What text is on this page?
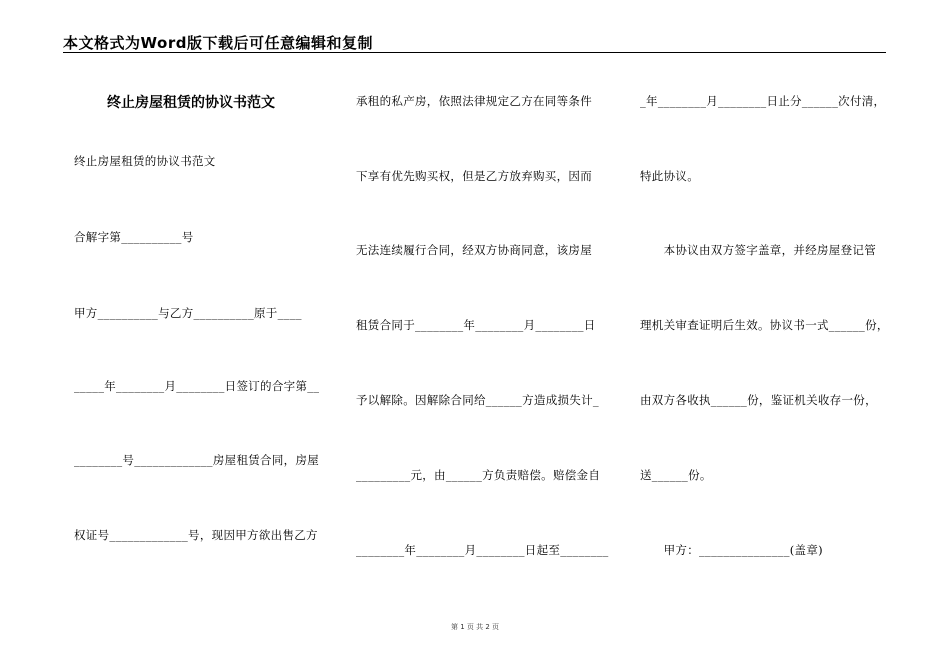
本文格式为Word版下载后可任意编辑和复制
终止房屋租赁的协议书范文
终止房屋租赁的协议书范文
合解字第__________号
甲方__________与乙方__________原于____
_____年________月________日签订的合字第__
________号_____________房屋租赁合同，房屋
权证号_____________号，现因甲方欲出售乙方
承租的私产房，依照法律规定乙方在同等条件
下享有优先购买权，但是乙方放弃购买，因而
无法连续履行合同，经双方协商同意，该房屋
租赁合同于________年________月________日
予以解除。因解除合同给______方造成损失计_
_________元，由______方负责赔偿。赔偿金自
________年________月________日起至________
_年________月________日止分______次付清，
特此协议。
　　本协议由双方签字盖章，并经房屋登记管
理机关审查证明后生效。协议书一式______份，
由双方各收执______份，鉴证机关收存一份，
送______份。
　　甲方：_______________(盖章)
第 1 页 共 2 页
